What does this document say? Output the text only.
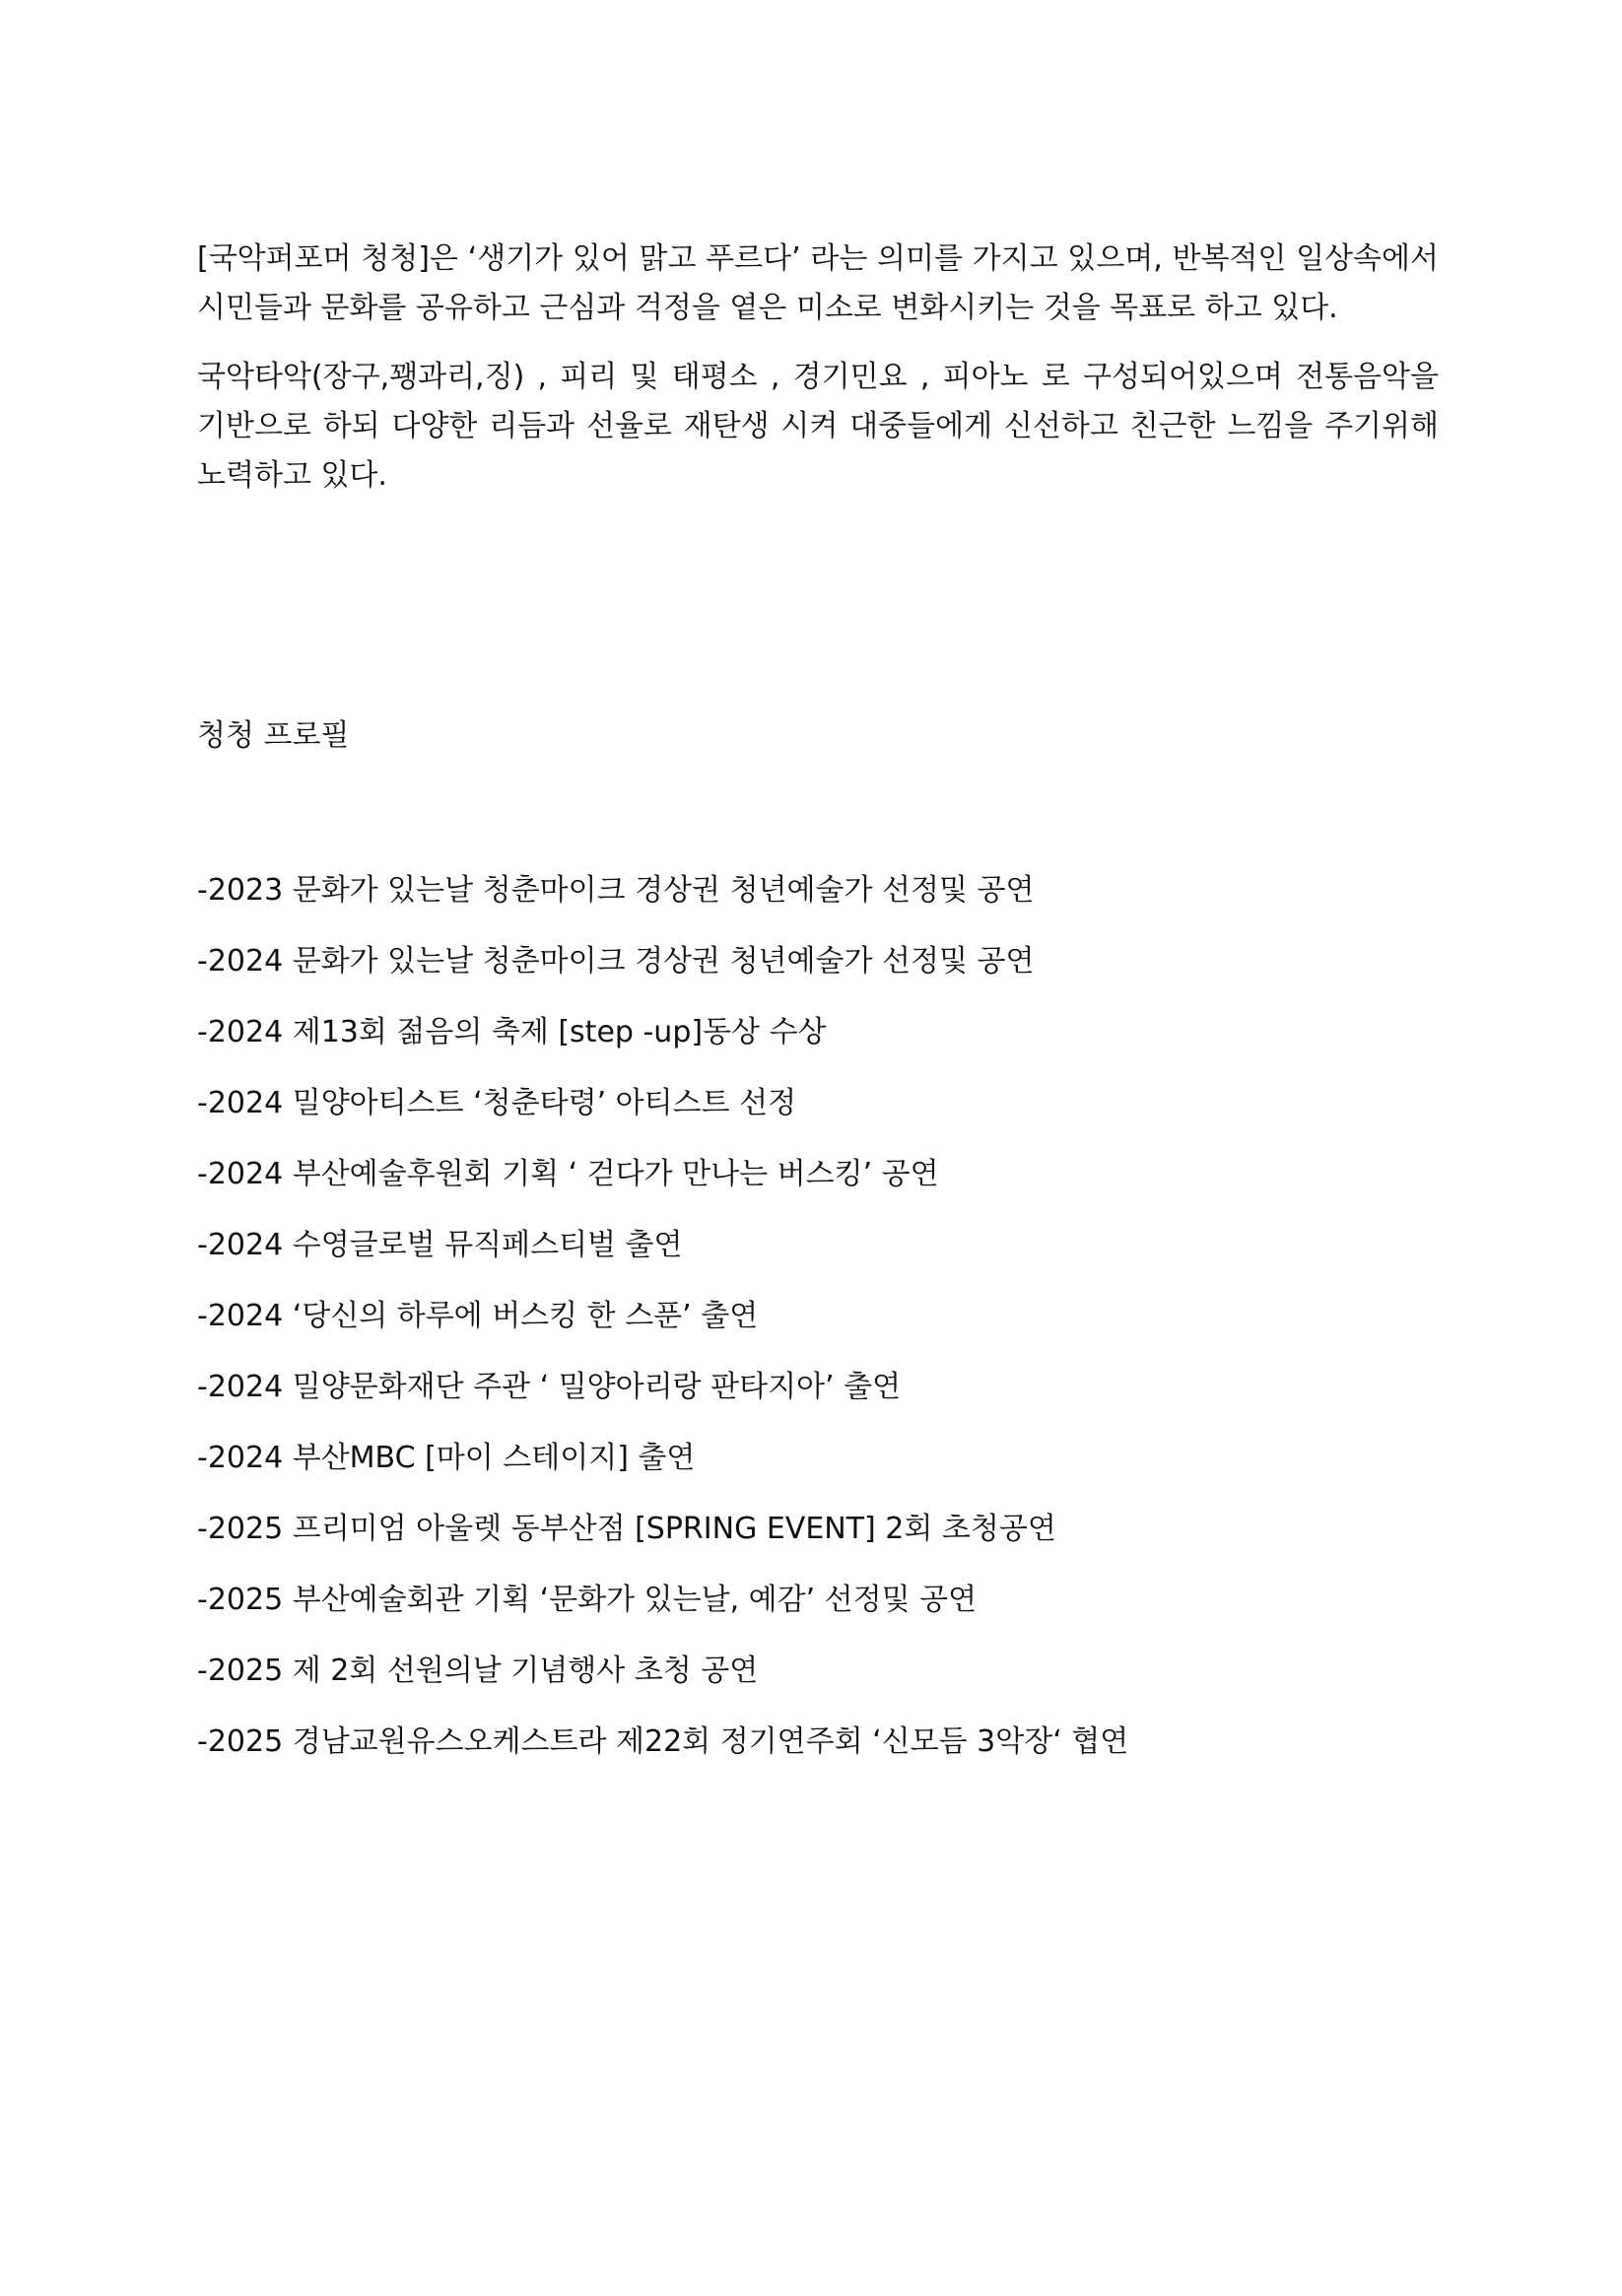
[국악퍼포머 청청]은 ‘생기가 있어 맑고 푸르다’ 라는 의미를 가지고 있으며, 반복적인 일상속에서 시민들과 문화를 공유하고 근심과 걱정을 옅은 미소로 변화시키는 것을 목표로 하고 있다.

국악타악(장구,꽹과리,징) , 피리 및 태평소 , 경기민요 , 피아노 로 구성되어있으며 전통음악을 기반으로 하되 다양한 리듬과 선율로 재탄생 시켜 대중들에게 신선하고 친근한 느낌을 주기위해 노력하고 있다.

청청 프로필
-2023 문화가 있는날 청춘마이크 경상권 청년예술가 선정및 공연
-2024 문화가 있는날 청춘마이크 경상권 청년예술가 선정및 공연
-2024 제13회 젊음의 축제 [step -up]동상 수상
-2024 밀양아티스트 ‘청춘타령’ 아티스트 선정
-2024 부산예술후원회 기획 ‘ 걷다가 만나는 버스킹’ 공연
-2024 수영글로벌 뮤직페스티벌 출연
-2024 ‘당신의 하루에 버스킹 한 스푼’ 출연
-2024 밀양문화재단 주관 ‘ 밀양아리랑 판타지아’ 출연
-2024 부산MBC [마이 스테이지] 출연
-2025 프리미엄 아울렛 동부산점 [SPRING EVENT] 2회 초청공연
-2025 부산예술회관 기획 ‘문화가 있는날, 예감’ 선정및 공연
-2025 제 2회 선원의날 기념행사 초청 공연
-2025 경남교원유스오케스트라 제22회 정기연주회 ‘신모듬 3악장‘ 협연
